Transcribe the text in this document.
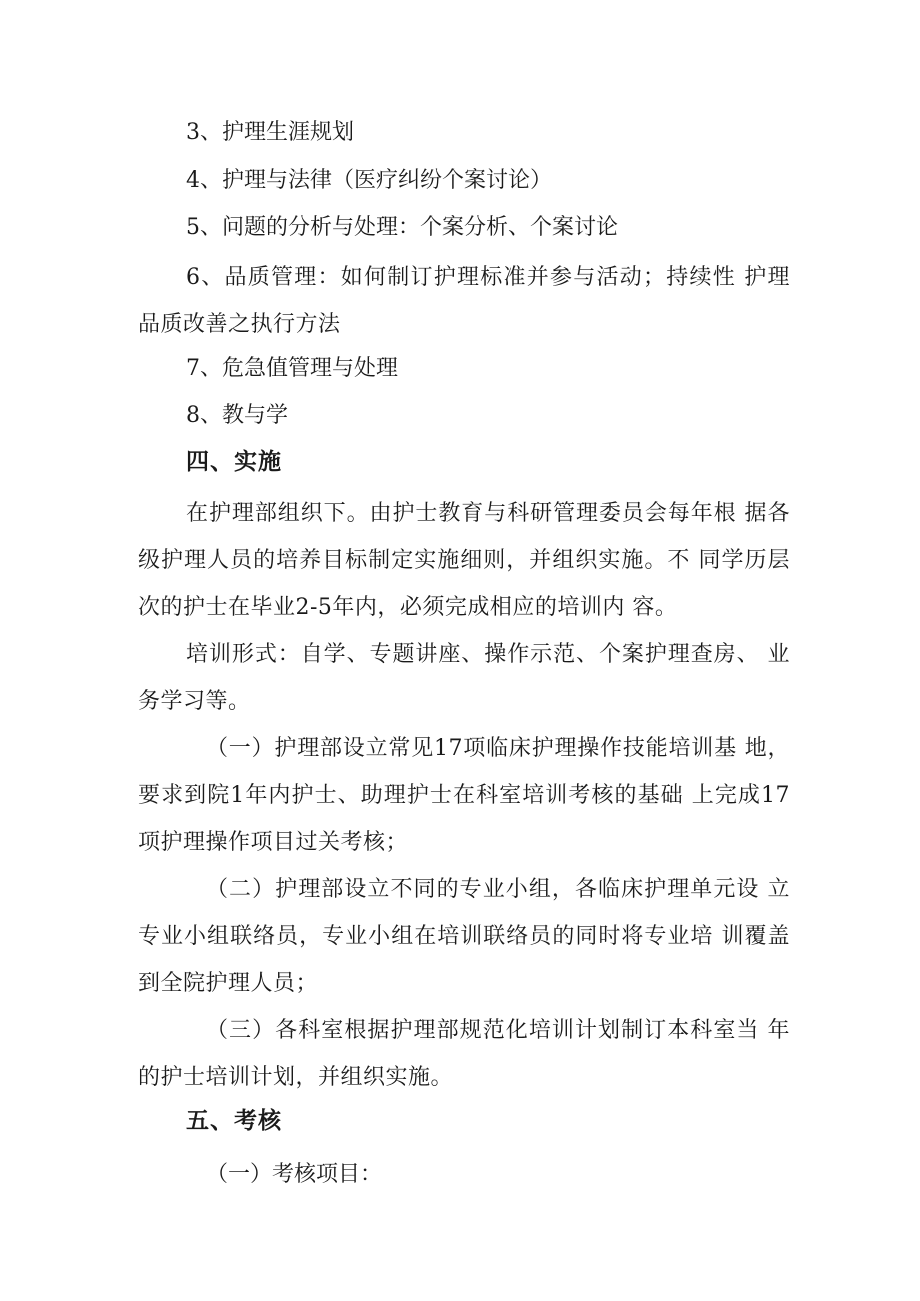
3、护理生涯规划

4、护理与法律（医疗纠纷个案讨论）

5、问题的分析与处理：个案分析、个案讨论

6、品质管理：如何制订护理标准并参与活动；持续性 护理品质改善之执行方法

7、危急值管理与处理

8、教与学

四、实施

在护理部组织下。由护士教育与科研管理委员会每年根 据各级护理人员的培养目标制定实施细则，并组织实施。不 同学历层次的护士在毕业2-5年内，必须完成相应的培训内 容。

培训形式：自学、专题讲座、操作示范、个案护理查房、 业务学习等。

（一）护理部设立常见17项临床护理操作技能培训基 地，要求到院1年内护士、助理护士在科室培训考核的基础 上完成17项护理操作项目过关考核；

（二）护理部设立不同的专业小组，各临床护理单元设 立专业小组联络员，专业小组在培训联络员的同时将专业培 训覆盖到全院护理人员；

（三）各科室根据护理部规范化培训计划制订本科室当 年的护士培训计划，并组织实施。

五、考核

（一）考核项目：
